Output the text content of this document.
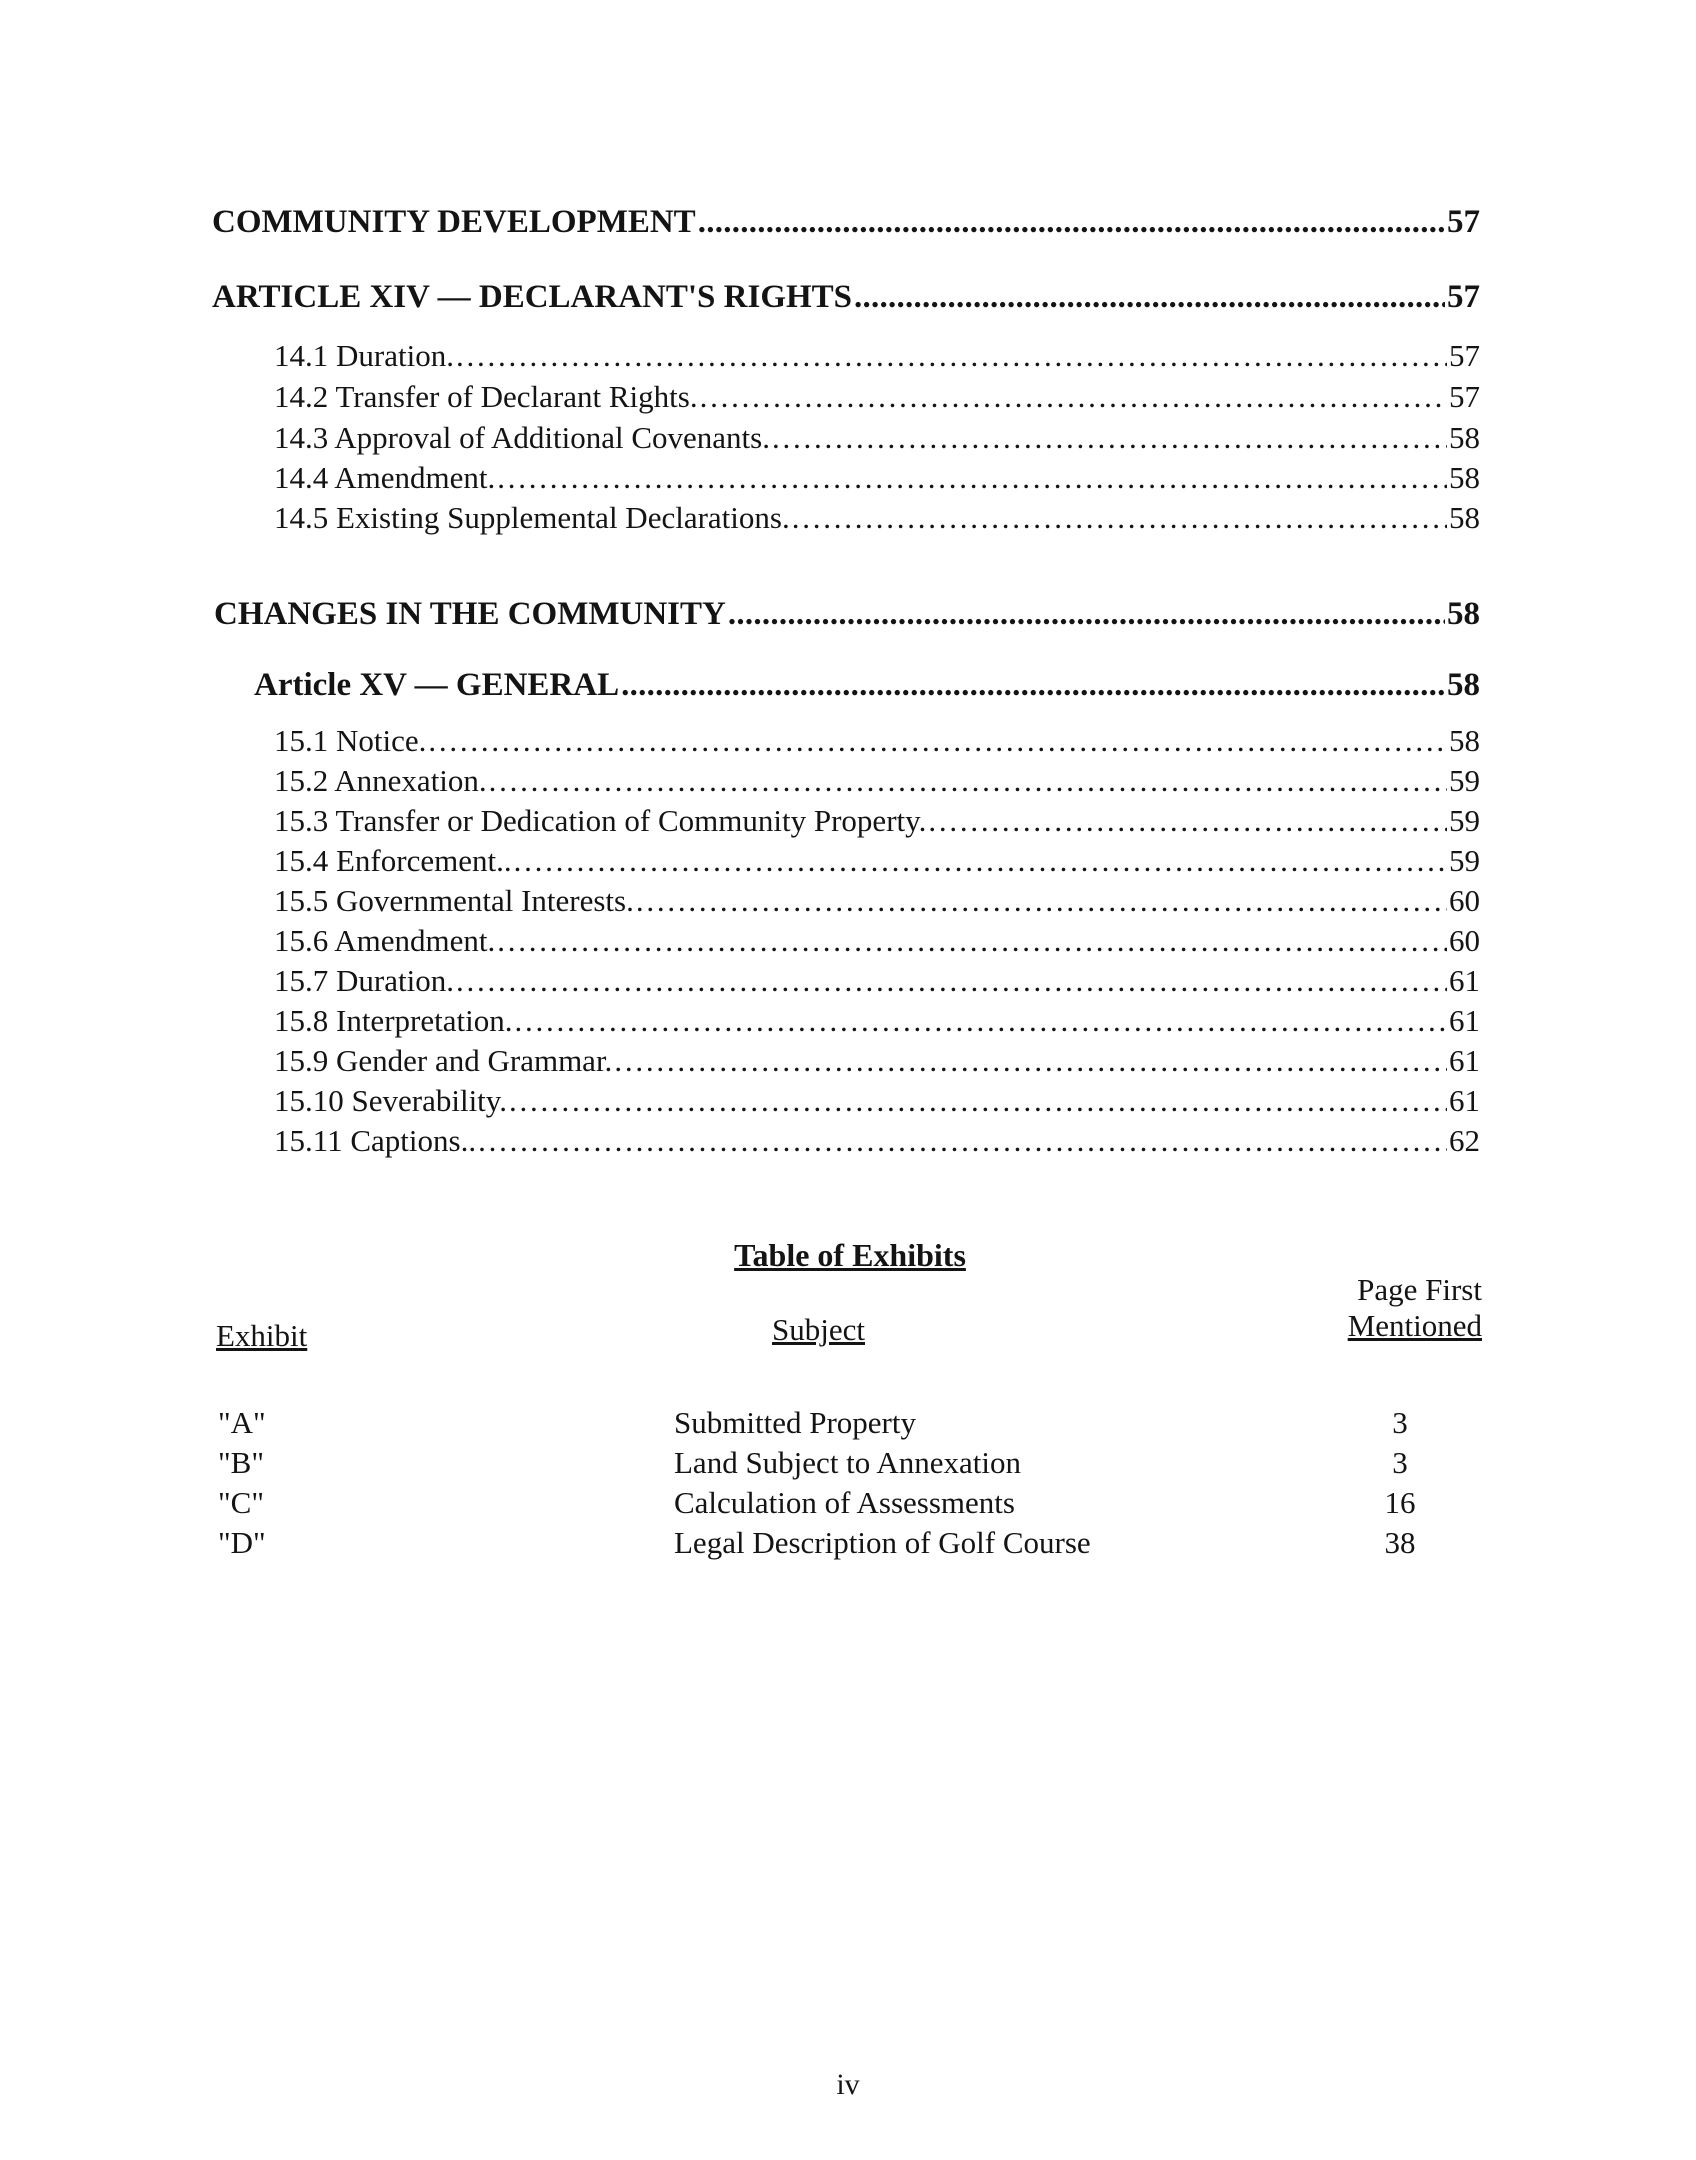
COMMUNITY DEVELOPMENT . . .	57
ARTICLE XIV — DECLARANT'S RIGHTS . . .	57
14.1 Duration. . . .	57
14.2 Transfer of Declarant Rights. . . .	57
14.3 Approval of Additional Covenants. . . .	58
14.4 Amendment. . . .	58
14.5 Existing Supplemental Declarations. . . .	58
CHANGES IN THE COMMUNITY . . .	58
Article XV — GENERAL . . .	58
15.1 Notice. . . .	58
15.2 Annexation. . . .	59
15.3 Transfer or Dedication of Community Property. . . .	59
15.4 Enforcement.. . . .	59
15.5 Governmental Interests. . . .	60
15.6 Amendment. . . .	60
15.7 Duration. . . .	61
15.8 Interpretation. . . .	61
15.9 Gender and Grammar. . . .	61
15.10 Severability. . . .	61
15.11 Captions.. . . .	62
Table of Exhibits
Exhibit	Subject
Page First
Mentioned
"A"	Submitted Property	3
"B"	Land Subject to Annexation	3
"C"	Calculation of Assessments	16
"D"	Legal Description of Golf Course	38
iv
